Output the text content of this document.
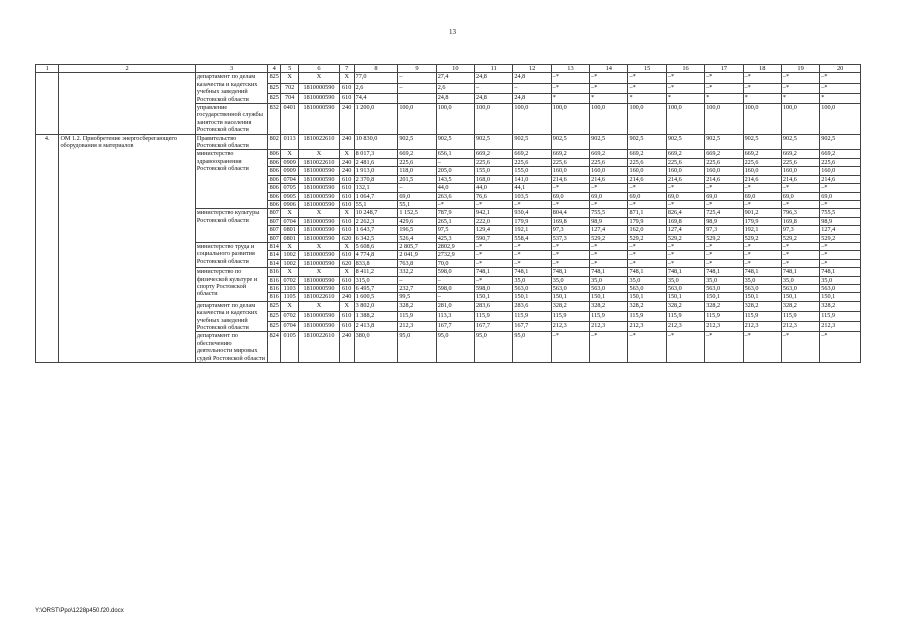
13
1	2	3	4	5	6	7	8	9	10	11	12	13	14	15	16	17	18	19	20
		департамент по делам казачества и кадетских учебных заведений Ростовской области	825	X	X	X	77,0	–	27,4	24,8	24,8	–*	–*	–*	–*	–*	–*	–*	–*
			825	702	1810000590	610	2,6	–	2,6	–	–	–*	–*	–*	–*	–*	–*	–*	–*
			825	704	1810000590	610	74,4		24,8	24,8	24,8	*	*	*	*	*	*	*	*
		управление государственной службы занятости населения Ростовской области	832	0401	1810000590	240	1 200,0	100,0	100,0	100,0	100,0	100,0	100,0	100,0	100,0	100,0	100,0	100,0	100,0
4.	ОМ 1.2. Приобретение энергосберегающего оборудования и материалов	Правительство Ростовской области	802	0113	1810022610	240	10 830,0	902,5	902,5	902,5	902,5	902,5	902,5	902,5	902,5	902,5	902,5	902,5	902,5
		министерство здравоохранения Ростовской области	806	X	X	X	8 017,3	669,2	656,1	669,2	669,2	669,2	669,2	669,2	669,2	669,2	669,2	669,2	669,2
			806	0909	1810022610	240	2 481,6	225,6	–	225,6	225,6	225,6	225,6	225,6	225,6	225,6	225,6	225,6	225,6
			806	0909	1810000590	240	1 913,0	118,0	205,0	155,0	155,0	160,0	160,0	160,0	160,0	160,0	160,0	160,0	160,0
			806	0704	1810000590	610	2 370,8	201,5	143,5	168,0	141,0	214,6	214,6	214,6	214,6	214,6	214,6	214,6	214,6
			806	0705	1810000590	610	132,1	–	44,0	44,0	44,1	–*	–*	–*	–*	–*	–*	–*	–*
			806	0905	1810000590	610	1 064,7	69,0	263,6	76,6	103,5	69,0	69,0	69,0	69,0	69,0	69,0	69,0	69,0
			806	0906	1810000590	610	55,1	55,1	–*	–*	–*	–*	–*	–*	–*	–*	–*	–*	–*
		министерство культуры Ростовской области	807	X	X	X	10 248,7	1 152,5	787,9	942,1	930,4	804,4	755,5	871,1	826,4	725,4	901,2	796,3	755,5
			807	0704	1810000590	610	2 262,3	429,6	265,1	222,0	179,9	169,8	98,9	179,9	169,8	98,9	179,9	169,8	98,9
			807	0801	1810000590	610	1 643,7	196,5	97,5	129,4	192,1	97,3	127,4	162,0	127,4	97,3	192,1	97,3	127,4
			807	0801	1810000590	620	6 342,5	526,4	425,3	590,7	558,4	537,3	529,2	529,2	529,2	529,2	529,2	529,2	529,2
		министерство труда и социального развития Ростовской области	814	X	X	X	5 608,6	2 805,7	2802,9	–*	–*	–*	–*	–*	–*	–*	–*	–*	–*
			814	1002	1810000590	610	4 774,8	2 041,9	2732,9	–*	–*	–*	–*	–*	–*	–*	–*	–*	–*
			814	1002	1810000590	620	833,8	763,8	70,0	–*	–*	–*	–*	–*	–*	–*	–*	–*	–*
		министерство по физической культуре и спорту Ростовской области	816	X	X	X	8 411,2	332,2	598,0	748,1	748,1	748,1	748,1	748,1	748,1	748,1	748,1	748,1	748,1
			816	0702	1810000590	610	315,0	–	–	–*	35,0	35,0	35,0	35,0	35,0	35,0	35,0	35,0	35,0
			816	1103	1810000590	610	6 495,7	232,7	598,0	598,0	563,0	563,0	563,0	563,0	563,0	563,0	563,0	563,0	563,0
			816	1105	1810022610	240	1 600,5	99,5	–	150,1	150,1	150,1	150,1	150,1	150,1	150,1	150,1	150,1	150,1
		департамент по делам казачества и кадетских учебных заведений Ростовской области	825	X	X	X	3 802,0	328,2	281,0	283,6	283,6	328,2	328,2	328,2	328,2	328,2	328,2	328,2	328,2
			825	0702	1810000590	610	1 388,2	115,9	113,3	115,9	115,9	115,9	115,9	115,9	115,9	115,9	115,9	115,9	115,9
			825	0704	1810000590	610	2 413,8	212,3	167,7	167,7	167,7	212,3	212,3	212,3	212,3	212,3	212,3	212,3	212,3
		департамент по обеспечению деятельности мировых судей Ростовской области	824	0105	1810022610	240	380,0	95,0	95,0	95,0	95,0	–*	–*	–*	–*	–*	–*	–*	–*
Y:\ORST\Ppo\1228p450.f20.docx
